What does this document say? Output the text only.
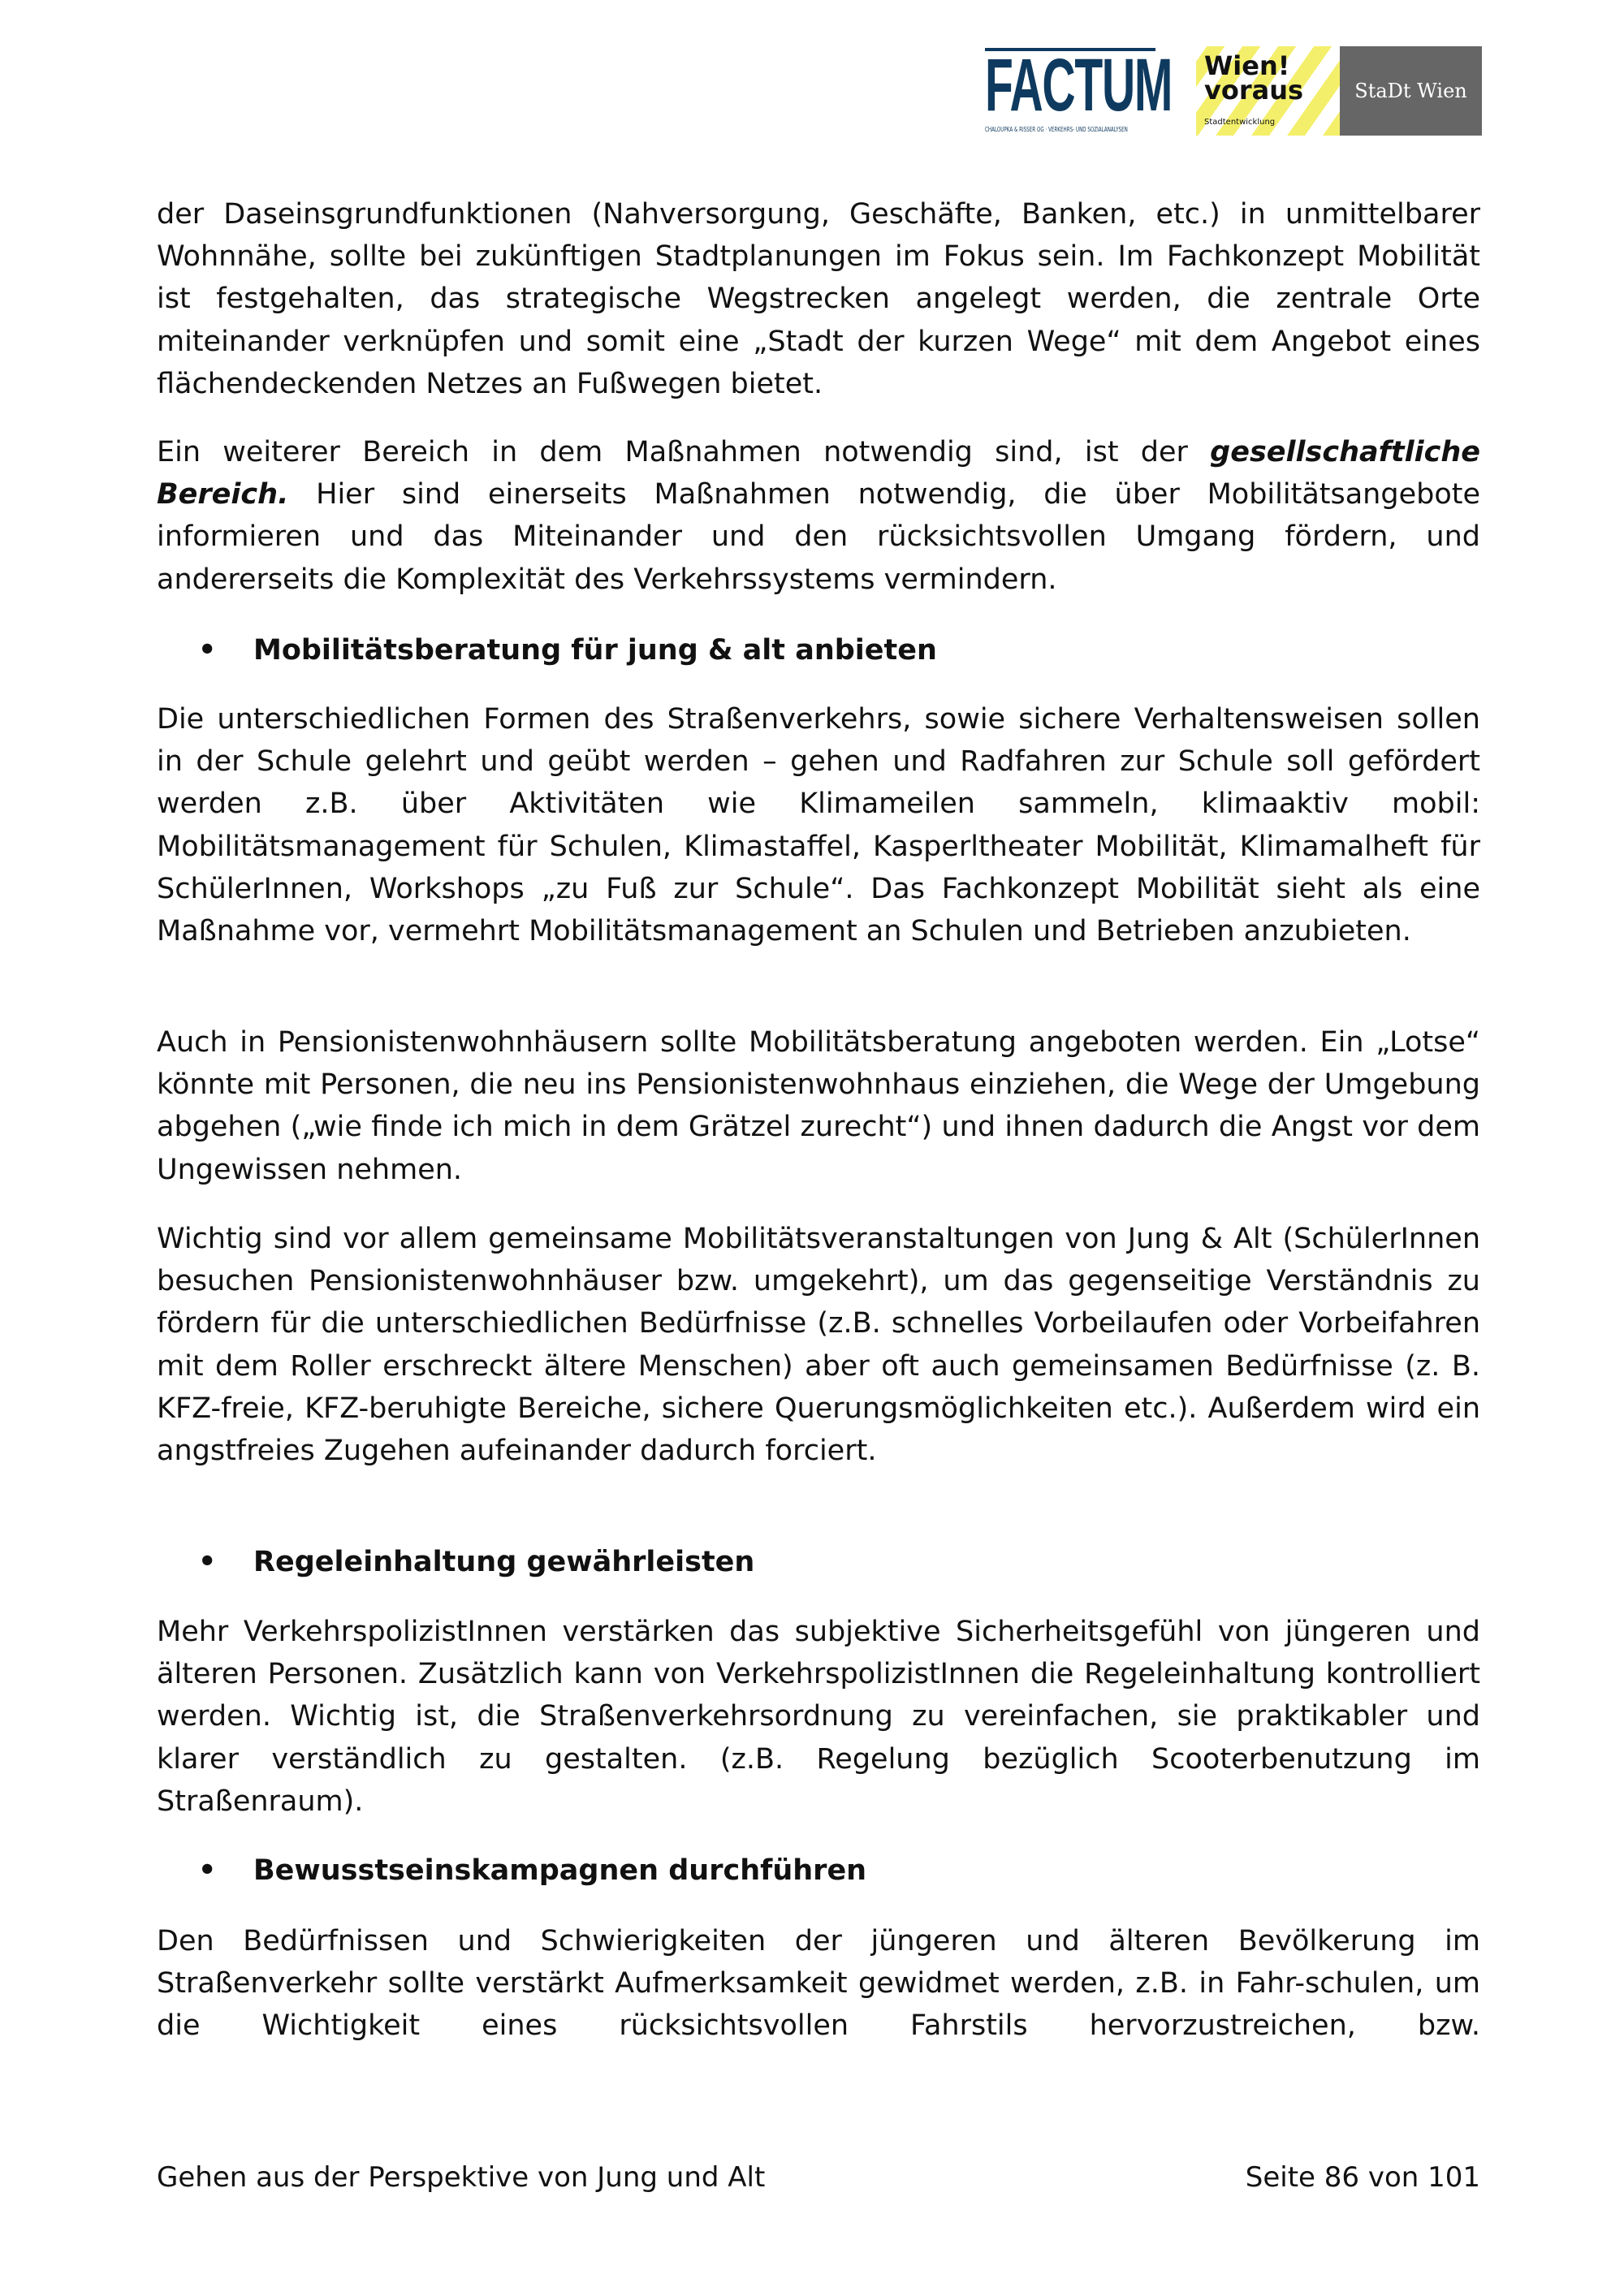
FACTUM
CHALOUPKA & RISSER OG · VERKEHRS- UND SOZIALANALYSEN
Wien!
voraus
Stadtentwicklung
StaDt Wien
der Daseinsgrundfunktionen (Nahversorgung, Geschäfte, Banken, etc.) in unmittelbarer Wohnnähe, sollte bei zukünftigen Stadtplanungen im Fokus sein. Im Fachkonzept Mobilität ist festgehalten, das strategische Wegstrecken angelegt werden, die zentrale Orte miteinander verknüpfen und somit eine „Stadt der kurzen Wege“ mit dem Angebot eines flächendeckenden Netzes an Fußwegen bietet.
Ein weiterer Bereich in dem Maßnahmen notwendig sind, ist der gesellschaftliche Bereich. Hier sind einerseits Maßnahmen notwendig, die über Mobilitätsangebote informieren und das Miteinander und den rücksichtsvollen Umgang fördern, und andererseits die Komplexität des Verkehrssystems vermindern.
• Mobilitätsberatung für jung & alt anbieten
Die unterschiedlichen Formen des Straßenverkehrs, sowie sichere Verhaltensweisen sollen in der Schule gelehrt und geübt werden – gehen und Radfahren zur Schule soll gefördert werden z.B. über Aktivitäten wie Klimameilen sammeln, klimaaktiv mobil: Mobilitätsmanagement für Schulen, Klimastaffel, Kasperltheater Mobilität, Klimamalheft für SchülerInnen, Workshops „zu Fuß zur Schule“. Das Fachkonzept Mobilität sieht als eine Maßnahme vor, vermehrt Mobilitätsmanagement an Schulen und Betrieben anzubieten.
Auch in Pensionistenwohnhäusern sollte Mobilitätsberatung angeboten werden. Ein „Lotse“ könnte mit Personen, die neu ins Pensionistenwohnhaus einziehen, die Wege der Umgebung abgehen („wie finde ich mich in dem Grätzel zurecht“) und ihnen dadurch die Angst vor dem Ungewissen nehmen.
Wichtig sind vor allem gemeinsame Mobilitätsveranstaltungen von Jung & Alt (SchülerInnen besuchen Pensionistenwohnhäuser bzw. umgekehrt), um das gegenseitige Verständnis zu fördern für die unterschiedlichen Bedürfnisse (z.B. schnelles Vorbeilaufen oder Vorbeifahren mit dem Roller erschreckt ältere Menschen) aber oft auch gemeinsamen Bedürfnisse (z. B. KFZ-freie, KFZ-beruhigte Bereiche, sichere Querungsmöglichkeiten etc.). Außerdem wird ein angstfreies Zugehen aufeinander dadurch forciert.
• Regeleinhaltung gewährleisten
Mehr VerkehrspolizistInnen verstärken das subjektive Sicherheitsgefühl von jüngeren und älteren Personen. Zusätzlich kann von VerkehrspolizistInnen die Regeleinhaltung kontrolliert werden. Wichtig ist, die Straßenverkehrsordnung zu vereinfachen, sie praktikabler und klarer verständlich zu gestalten. (z.B. Regelung bezüglich Scooterbenutzung im Straßenraum).
• Bewusstseinskampagnen durchführen
Den Bedürfnissen und Schwierigkeiten der jüngeren und älteren Bevölkerung im Straßenverkehr sollte verstärkt Aufmerksamkeit gewidmet werden, z.B. in Fahr-schulen, um die Wichtigkeit eines rücksichtsvollen Fahrstils hervorzustreichen, bzw.
Gehen aus der Perspektive von Jung und Alt	Seite 86 von 101
